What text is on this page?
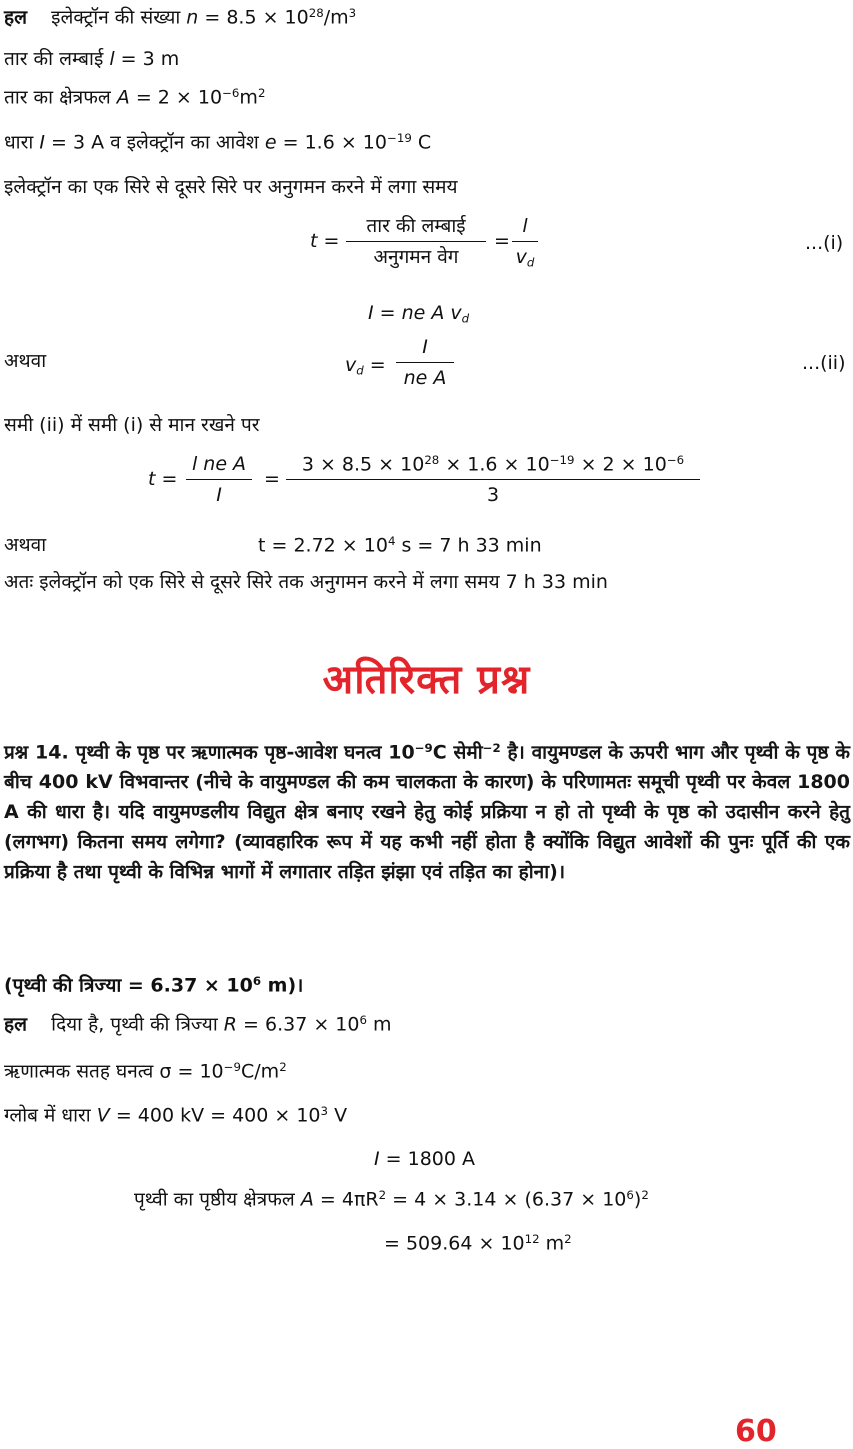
हल इलेक्ट्रॉन की संख्या $n = 8.5 \times 10^{28}/m^3$
तार की लम्बाई l = 3 m
तार का क्षेत्रफल $A = 2 \times 10^{-6}m^2$
धारा I = 3 A व इलेक्ट्रॉन का आवेश $e = 1.6 \times 10^{-19}$ C
इलेक्ट्रॉन का एक सिरे से दूसरे सिरे पर अनुगमन करने में लगा समय
t =
तार की लम्बाई
अनुगमन वेग
= $\frac{l}{v_d}$	...(i)
I = ne A $v_d$
अथवा	$v_d = \frac{I}{\text{ne A}}$	...(ii)
समी (ii) में समी (i) से मान रखने पर
$t = \frac{\text{l ne A}}{I} = \frac{3 \times 8.5 \times 10^{28} \times 1.6 \times 10^{-19} \times 2 \times 10^{-6}}{3}$
अथवा	$t = 2.72 \times 10^4$ s = 7 h 33 min
अतः इलेक्ट्रॉन को एक सिरे से दूसरे सिरे तक अनुगमन करने में लगा समय 7 h 33 min
अतिरिक्त प्रश्न
प्रश्न 14. पृथ्वी के पृष्ठ पर ऋणात्मक पृष्ठ-आवेश घनत्व $10^{-9}C$ सेमी$^{-2}$ है। वायुमण्डल के ऊपरी भाग और पृथ्वी के पृष्ठ के बीच 400 kV विभवान्तर (नीचे के वायुमण्डल की कम चालकता के कारण) के परिणामतः समूची पृथ्वी पर केवल 1800 A की धारा है। यदि वायुमण्डलीय विद्युत क्षेत्र बनाए रखने हेतु कोई प्रक्रिया न हो तो पृथ्वी के पृष्ठ को उदासीन करने हेतु (लगभग) कितना समय लगेगा? (व्यावहारिक रूप में यह कभी नहीं होता है क्योंकि विद्युत आवेशों की पुनः पूर्ति की एक प्रक्रिया है तथा पृथ्वी के विभिन्न भागों में लगातार तड़ित झंझा एवं तड़ित का होना)।
(पृथ्वी की त्रिज्या = $6.37 \times 10^6$ m)।
हल दिया है, पृथ्वी की त्रिज्या $R = 6.37 \times 10^6$ m
ऋणात्मक सतह घनत्व $\sigma = 10^{-9}C/m^2$
ग्लोब में धारा V = 400 kV = $400 \times 10^3$ V
I = 1800 A
पृथ्वी का पृष्ठीय क्षेत्रफल $A = 4\pi R^2 = 4 \times 3.14 \times (6.37 \times 10^6)^2$
= $509.64 \times 10^{12}$ $m^2$
60
